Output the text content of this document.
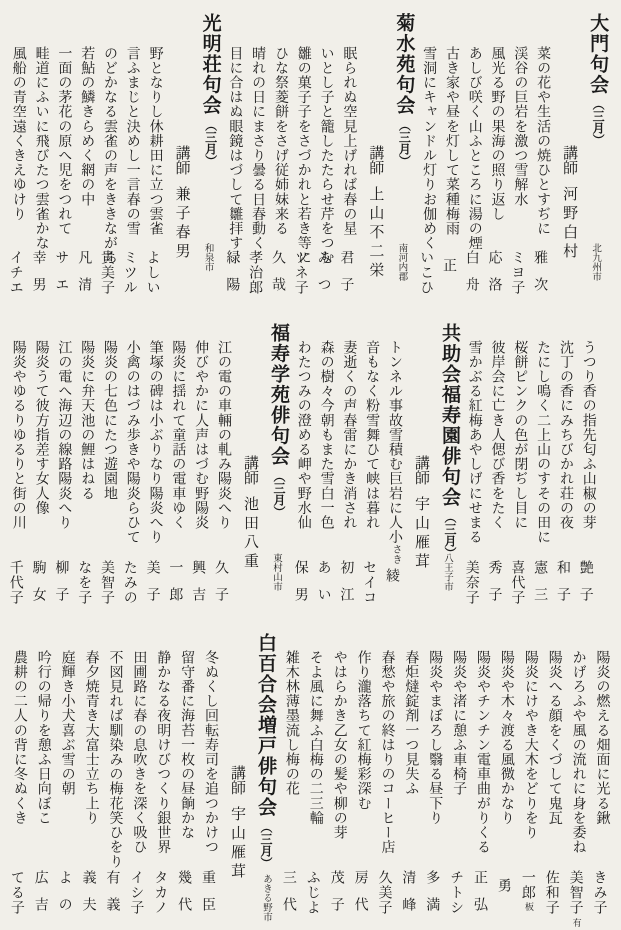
大門句会（三月）
北九州市
講師河野白村
菜の花や生活の焼ひとすぢに
雅次
渓谷の巨岩を激つ雪解水
ミヨ子
風光る野の果海の照り返し
応洛
あしび咲く山ふところに湯の煙
白舟
古き家や昼を灯して菜種梅雨
正
雪洞にキャンドル灯りお伽めく
いこひ
菊水苑句会（三月）
南河内郡
講師上山不二栄
眠られぬ空見上げれば春の星
君子
いとし子と籠したたらせ芹をつむ
みつ
雛の菓子子をさづかれと若き等に
ツネ子
ひな祭菱餅をさげ従姉妹来る
久哉
晴れの日にまさり曇る日春動く
孝治郎
目に合はぬ眼鏡はづして雛拝す
緑陽
光明荘句会（三月）
和泉市
講師兼子春男
野となりし休耕田に立つ雲雀
よしい
言ふまじと決めし一言春の雪
ミツル
のどかなる雲雀の声をききながら
貴美子
若鮎の鱗きらめく網の中
凡清
一面の茅花の原へ児をつれて
サエ
畦道にふいに飛びたつ雲雀かな
幸男
風船の青空遠くきえゆけり
イチエ
うつり香の指先匂ふ山椒の芽
艶子
沈丁の香にみちびかれ荘の夜
和子
たにし鳴く二上山のすその田に
憲三
桜餅ピンクの色が閉ぢし目に
喜代子
彼岸会に亡き人偲び香をたく
秀子
雪かぶる紅梅あやしげにせまる
美奈子
共助会福寿園俳句会（三月）
八王子市
講師宇山雁茸
トンネル事故雪積む巨岩に人小さき
綾
音もなく粉雪舞ひて峡は暮れ
セイコ
妻逝くの声春雷にかき消され
初江
森の樹々今朝もまた雪白一色
あい
わたつみの澄める岬や野水仙
保男
福寿学苑俳句会（三月）
東村山市
講師池田八重
江の電の車輛の軋み陽炎へり
久子
伸びやかに人声はづむ野陽炎
興吉
陽炎に揺れて童話の電車ゆく
一郎
筆塚の碑は小ぶりなり陽炎へり
美子
小禽のはづみ歩きや陽炎らひて
たみの
陽炎の七色にたつ遊園地
美智子
陽炎に弁天池の鯉はねる
なを子
江の電へ海辺の線路陽炎へり
柳子
陽炎うて彼方指差す女人像
駒女
陽炎やゆるりゆるりと街の川
千代子
陽炎の燃える畑面に光る鍬
きみ子
かげろふや風の流れに身を委ね
美智子
有
陽炎へる顔をくづして鬼瓦
佐和子
陽炎にけやき大木をどりをり
一郎
板
陽炎や木々渡る風微かなり
勇
陽炎やチンチン電車曲がりくる
正弘
陽炎や渚に憩ふ車椅子
チトシ
陽炎やまぼろし翳る昼下り
多満
春炬燵錠剤一つ見失ふ
清峰
春愁や旅の終はりのコーヒー店
久美子
作り瀧落ちて紅梅彩深む
房代
やはらかき乙女の髪や柳の芽
茂子
そよ風に舞ふ白梅の二三輪
ふじよ
雑木林薄墨流し梅の花
三代
白百合会増戸俳句会（三月）あきる野市
講師宇山雁茸
冬ぬくし回転寿司を追つかけつ
重臣
留守番に海苔一枚の昼餉かな
幾代
静かなる夜明けびつくり銀世界
タカノ
田圃路に春の息吹きを深く吸ひ
イシ子
不図見れば馴染みの梅花笑ひをり
有義
春夕焼青き大富士立ち上り
義夫
庭輝き小犬喜ぶ雪の朝
よの
吟行の帰りを憩ふ日向ぼこ
広吉
農耕の二人の背に冬ぬくき
てる子
